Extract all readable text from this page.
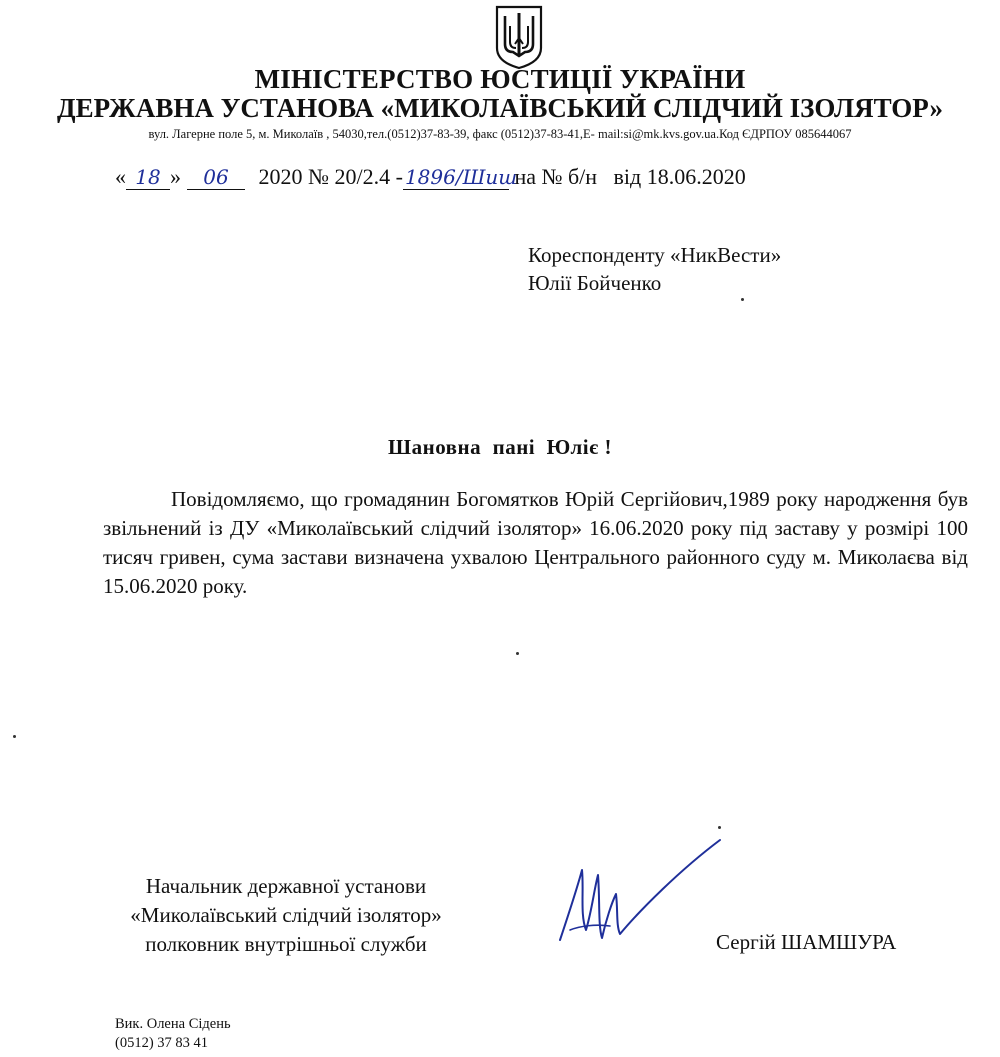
МІНІСТЕРСТВО ЮСТИЦІЇ УКРАЇНИ
ДЕРЖАВНА УСТАНОВА «МИКОЛАЇВСЬКИЙ СЛІДЧИЙ ІЗОЛЯТОР»
вул. Лагерне поле 5, м. Миколаїв , 54030,тел.(0512)37-83-39, факс (0512)37-83-41,E- mail:si@mk.kvs.gov.ua.Код ЄДРПОУ 085644067
« 18 » 06 2020 № 20/2.4 - 1896/Шиш на № б/н   від 18.06.2020
Кореспонденту «НикВести»
Юлії Бойченко
Шановна  пані  Юліє !
Повідомляємо, що громадянин Богомятков Юрій Сергійович,1989 року народження був звільнений із ДУ «Миколаївський слідчий ізолятор» 16.06.2020 року під заставу у розмірі 100 тисяч гривен, сума застави визначена ухвалою Центрального районного суду м. Миколаєва від 15.06.2020 року.
Начальник державної установи
«Миколаївський слідчий ізолятор»
полковник внутрішньої служби	Сергій ШАМШУРА
Вик. Олена Сідень
(0512) 37 83 41
